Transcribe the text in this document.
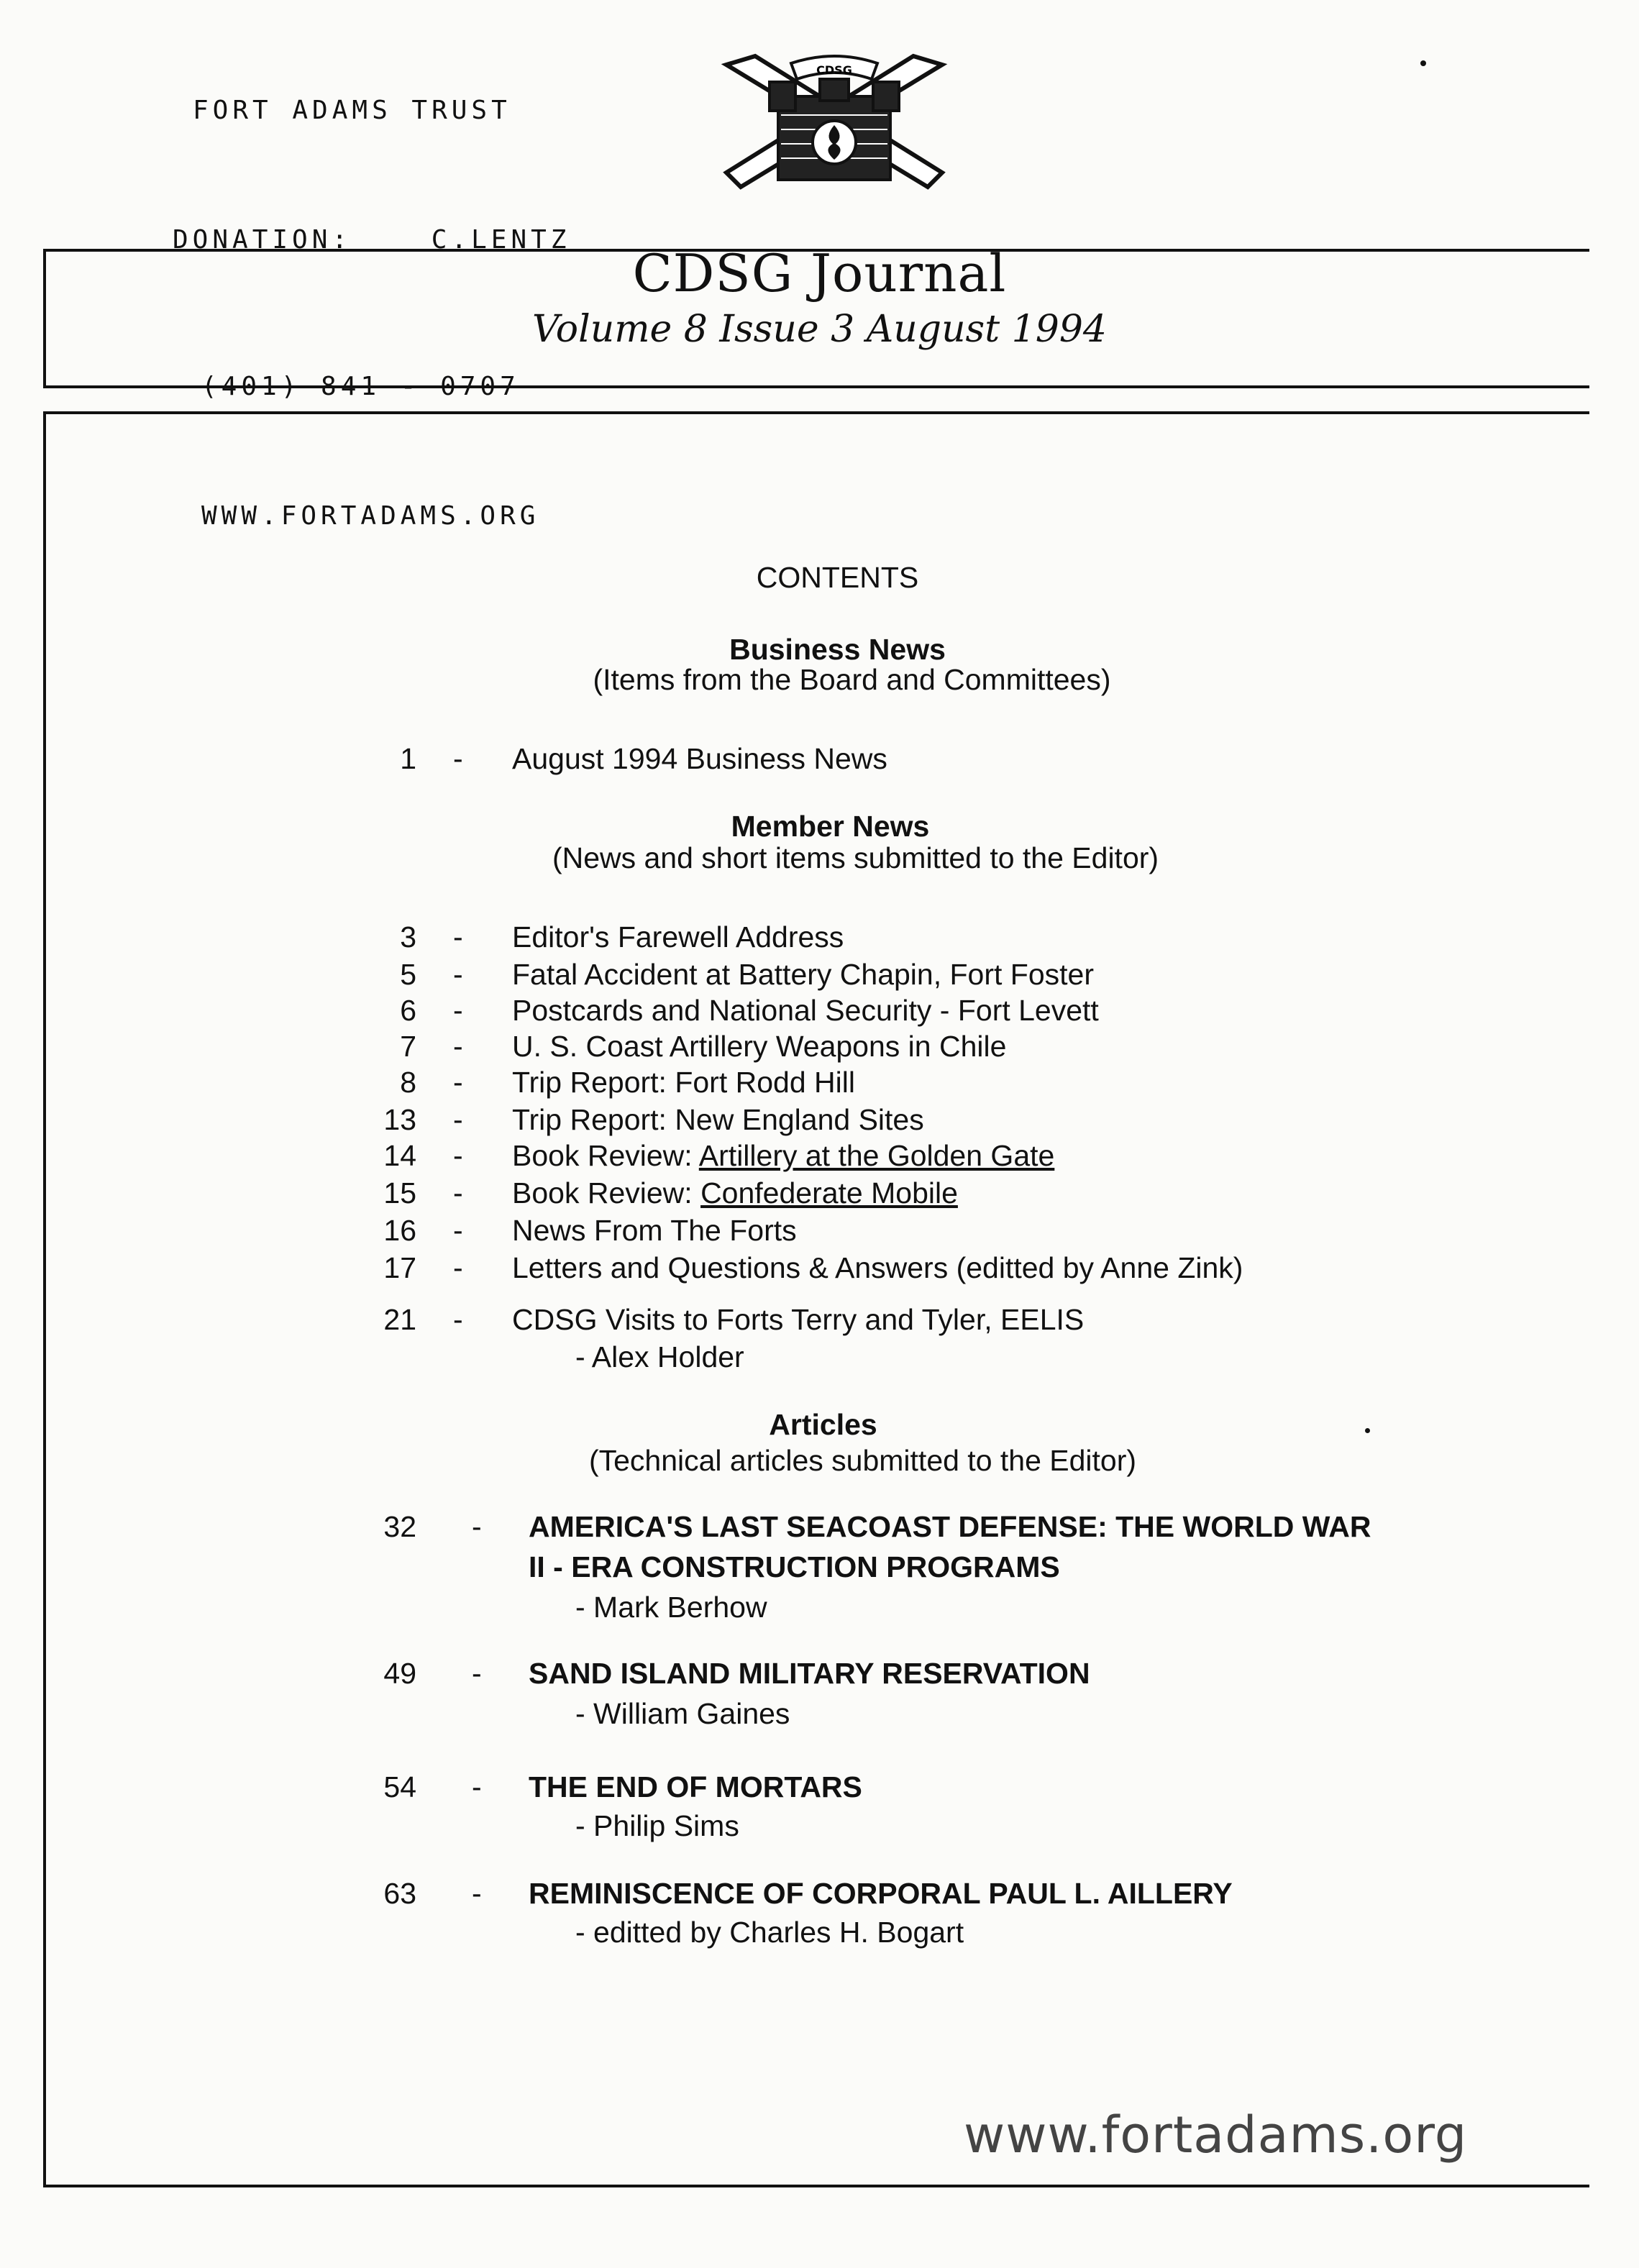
FORT ADAMS TRUST

DONATION:    C.LENTZ

(401) 841 - 0707

WWW.FORTADAMS.ORG

CDSG
CDSG Journal
Volume 8 Issue 3 August 1994
CONTENTS
Business News
(Items from the Board and Committees)
1 - August 1994 Business News
Member News
(News and short items submitted to the Editor)
3 - Editor's Farewell Address
5 - Fatal Accident at Battery Chapin, Fort Foster
6 - Postcards and National Security - Fort Levett
7 - U. S. Coast Artillery Weapons in Chile
8 - Trip Report: Fort Rodd Hill
13 - Trip Report: New England Sites
14 - Book Review: Artillery at the Golden Gate
15 - Book Review: Confederate Mobile
16 - News From The Forts
17 - Letters and Questions & Answers (editted by Anne Zink)
21 - CDSG Visits to Forts Terry and Tyler, EELIS
- Alex Holder
Articles
(Technical articles submitted to the Editor)
32 - AMERICA'S LAST SEACOAST DEFENSE: THE WORLD WAR
II - ERA CONSTRUCTION PROGRAMS
- Mark Berhow
49 - SAND ISLAND MILITARY RESERVATION
- William Gaines
54 - THE END OF MORTARS
- Philip Sims
63 - REMINISCENCE OF CORPORAL PAUL L. AILLERY
- editted by Charles H. Bogart
www.fortadams.org
